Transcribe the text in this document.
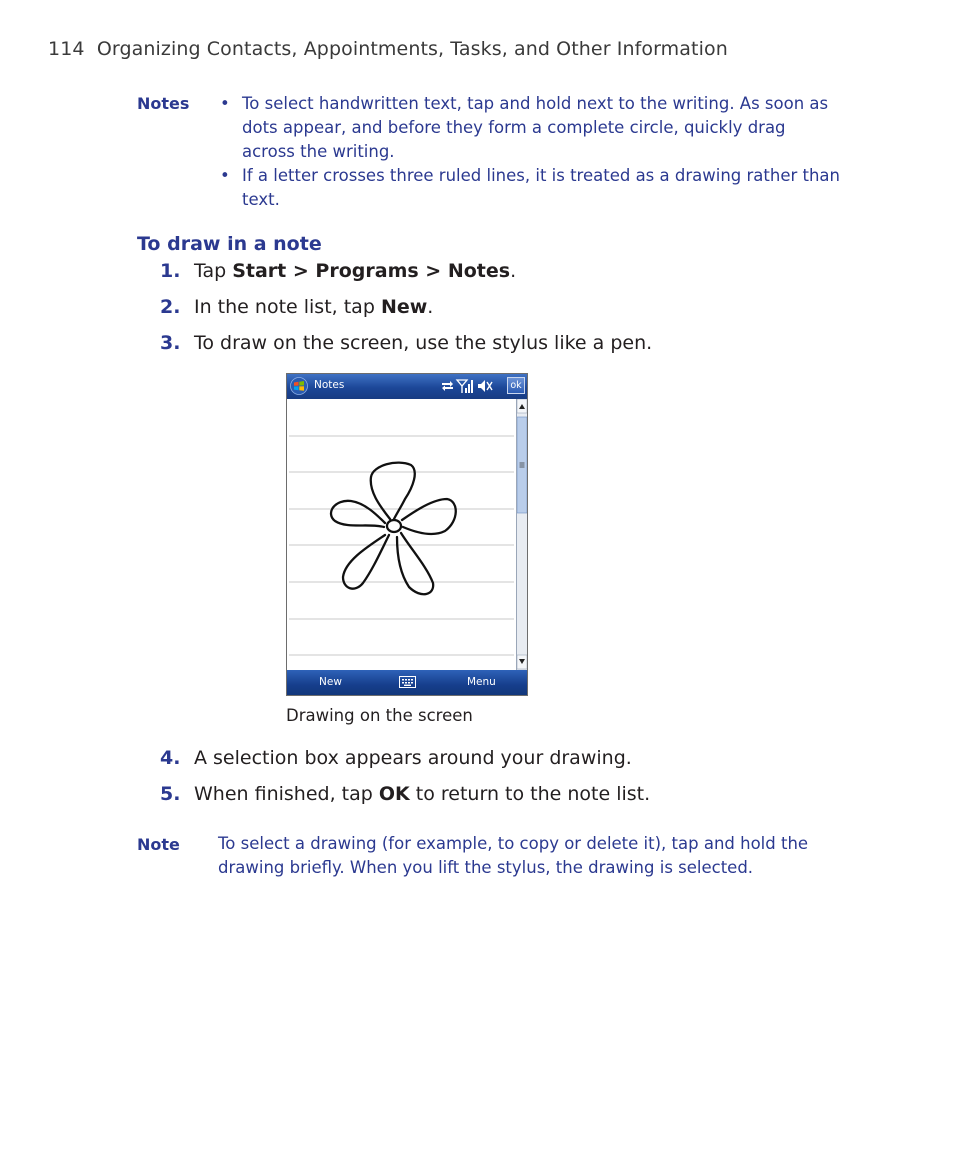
114 Organizing Contacts, Appointments, Tasks, and Other Information
Notes • To select handwritten text, tap and hold next to the writing. As soon as dots appear, and before they form a complete circle, quickly drag across the writing.
• If a letter crosses three ruled lines, it is treated as a drawing rather than text.
To draw in a note
1. Tap Start > Programs > Notes.
2. In the note list, tap New.
3. To draw on the screen, use the stylus like a pen.
Notes	ok
New	Menu
Drawing on the screen
4. A selection box appears around your drawing.
5. When finished, tap OK to return to the note list.
Note To select a drawing (for example, to copy or delete it), tap and hold the drawing briefly. When you lift the stylus, the drawing is selected.
